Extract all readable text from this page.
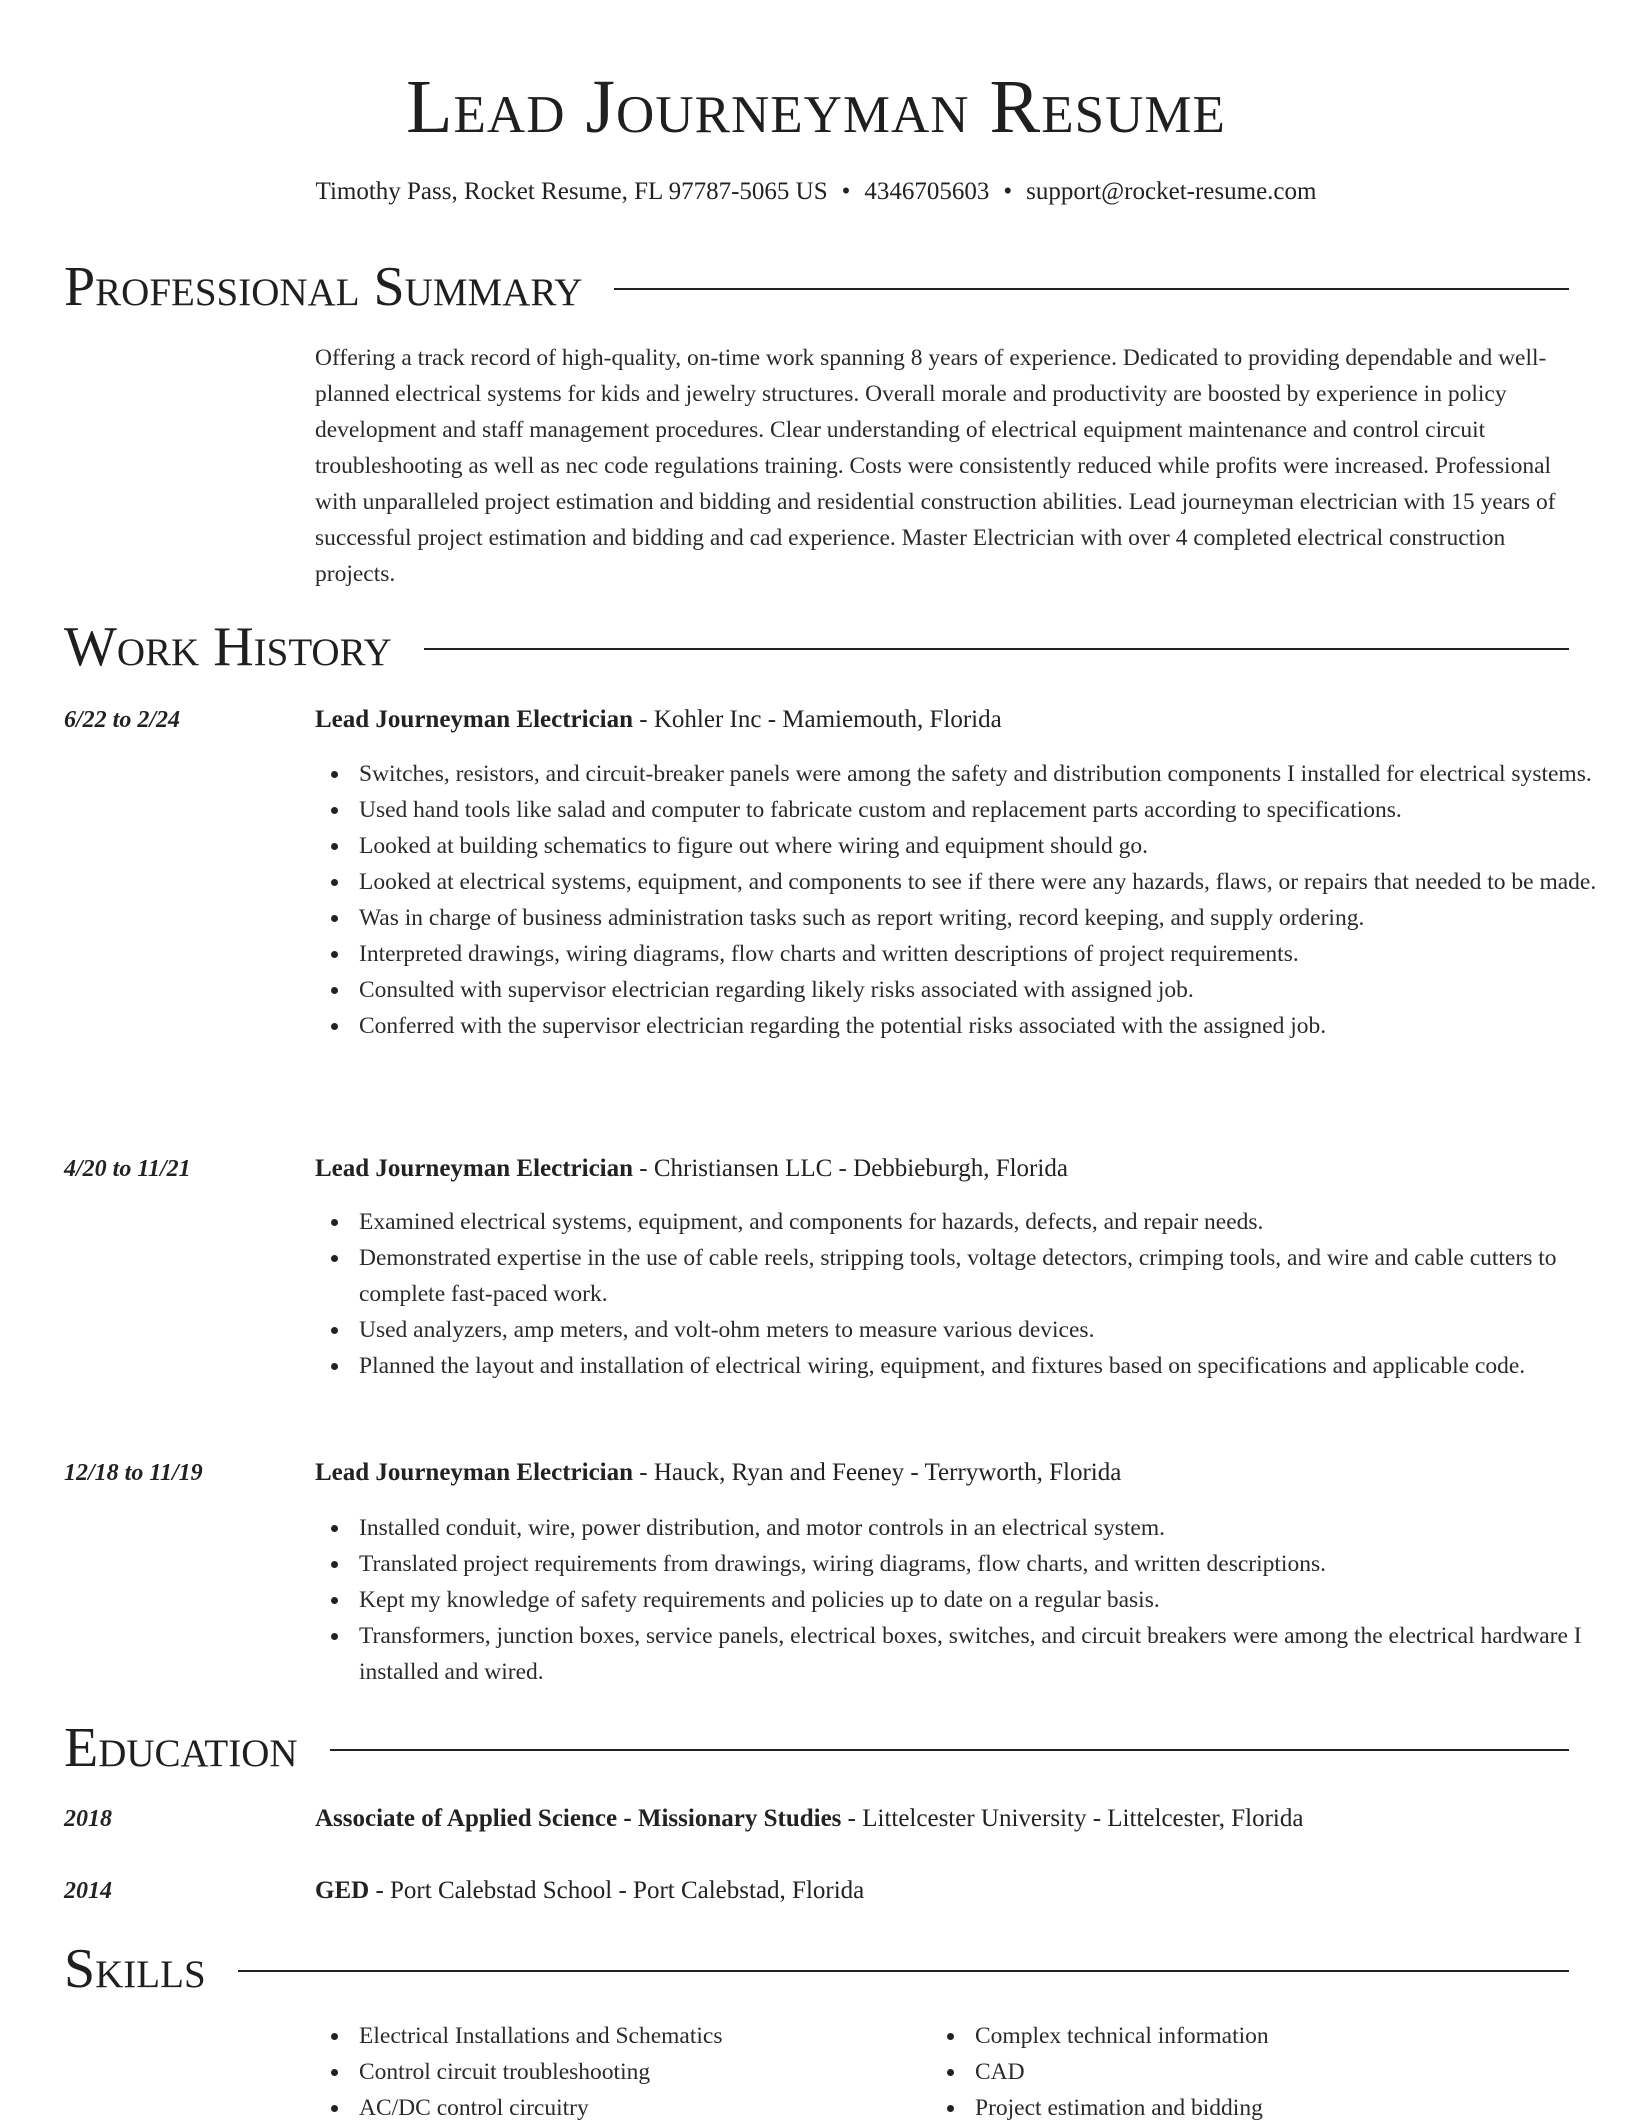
Lead Journeyman Resume
Timothy Pass, Rocket Resume, FL 97787-5065 US • 4346705603 • support@rocket-resume.com
Professional Summary

Offering a track record of high-quality, on-time work spanning 8 years of experience. Dedicated to providing dependable and well-planned electrical systems for kids and jewelry structures. Overall morale and productivity are boosted by experience in policy development and staff management procedures. Clear understanding of electrical equipment maintenance and control circuit troubleshooting as well as nec code regulations training. Costs were consistently reduced while profits were increased. Professional with unparalleled project estimation and bidding and residential construction abilities. Lead journeyman electrician with 15 years of successful project estimation and bidding and cad experience. Master Electrician with over 4 completed electrical construction projects.

Work History
6/22 to 2/24	Lead Journeyman Electrician - Kohler Inc - Mamiemouth, Florida
Switches, resistors, and circuit-breaker panels were among the safety and distribution components I installed for electrical systems.
Used hand tools like salad and computer to fabricate custom and replacement parts according to specifications.
Looked at building schematics to figure out where wiring and equipment should go.
Looked at electrical systems, equipment, and components to see if there were any hazards, flaws, or repairs that needed to be made.
Was in charge of business administration tasks such as report writing, record keeping, and supply ordering.
Interpreted drawings, wiring diagrams, flow charts and written descriptions of project requirements.
Consulted with supervisor electrician regarding likely risks associated with assigned job.
Conferred with the supervisor electrician regarding the potential risks associated with the assigned job.
4/20 to 11/21	Lead Journeyman Electrician - Christiansen LLC - Debbieburgh, Florida
Examined electrical systems, equipment, and components for hazards, defects, and repair needs.
Demonstrated expertise in the use of cable reels, stripping tools, voltage detectors, crimping tools, and wire and cable cutters to complete fast-paced work.
Used analyzers, amp meters, and volt-ohm meters to measure various devices.
Planned the layout and installation of electrical wiring, equipment, and fixtures based on specifications and applicable code.
12/18 to 11/19	Lead Journeyman Electrician - Hauck, Ryan and Feeney - Terryworth, Florida
Installed conduit, wire, power distribution, and motor controls in an electrical system.
Translated project requirements from drawings, wiring diagrams, flow charts, and written descriptions.
Kept my knowledge of safety requirements and policies up to date on a regular basis.
Transformers, junction boxes, service panels, electrical boxes, switches, and circuit breakers were among the electrical hardware I installed and wired.
Education
2018	Associate of Applied Science - Missionary Studies - Littelcester University - Littelcester, Florida
2014	GED - Port Calebstad School - Port Calebstad, Florida
Skills
Electrical Installations and Schematics
Control circuit troubleshooting
AC/DC control circuitry
Complex technical information
CAD
Project estimation and bidding
